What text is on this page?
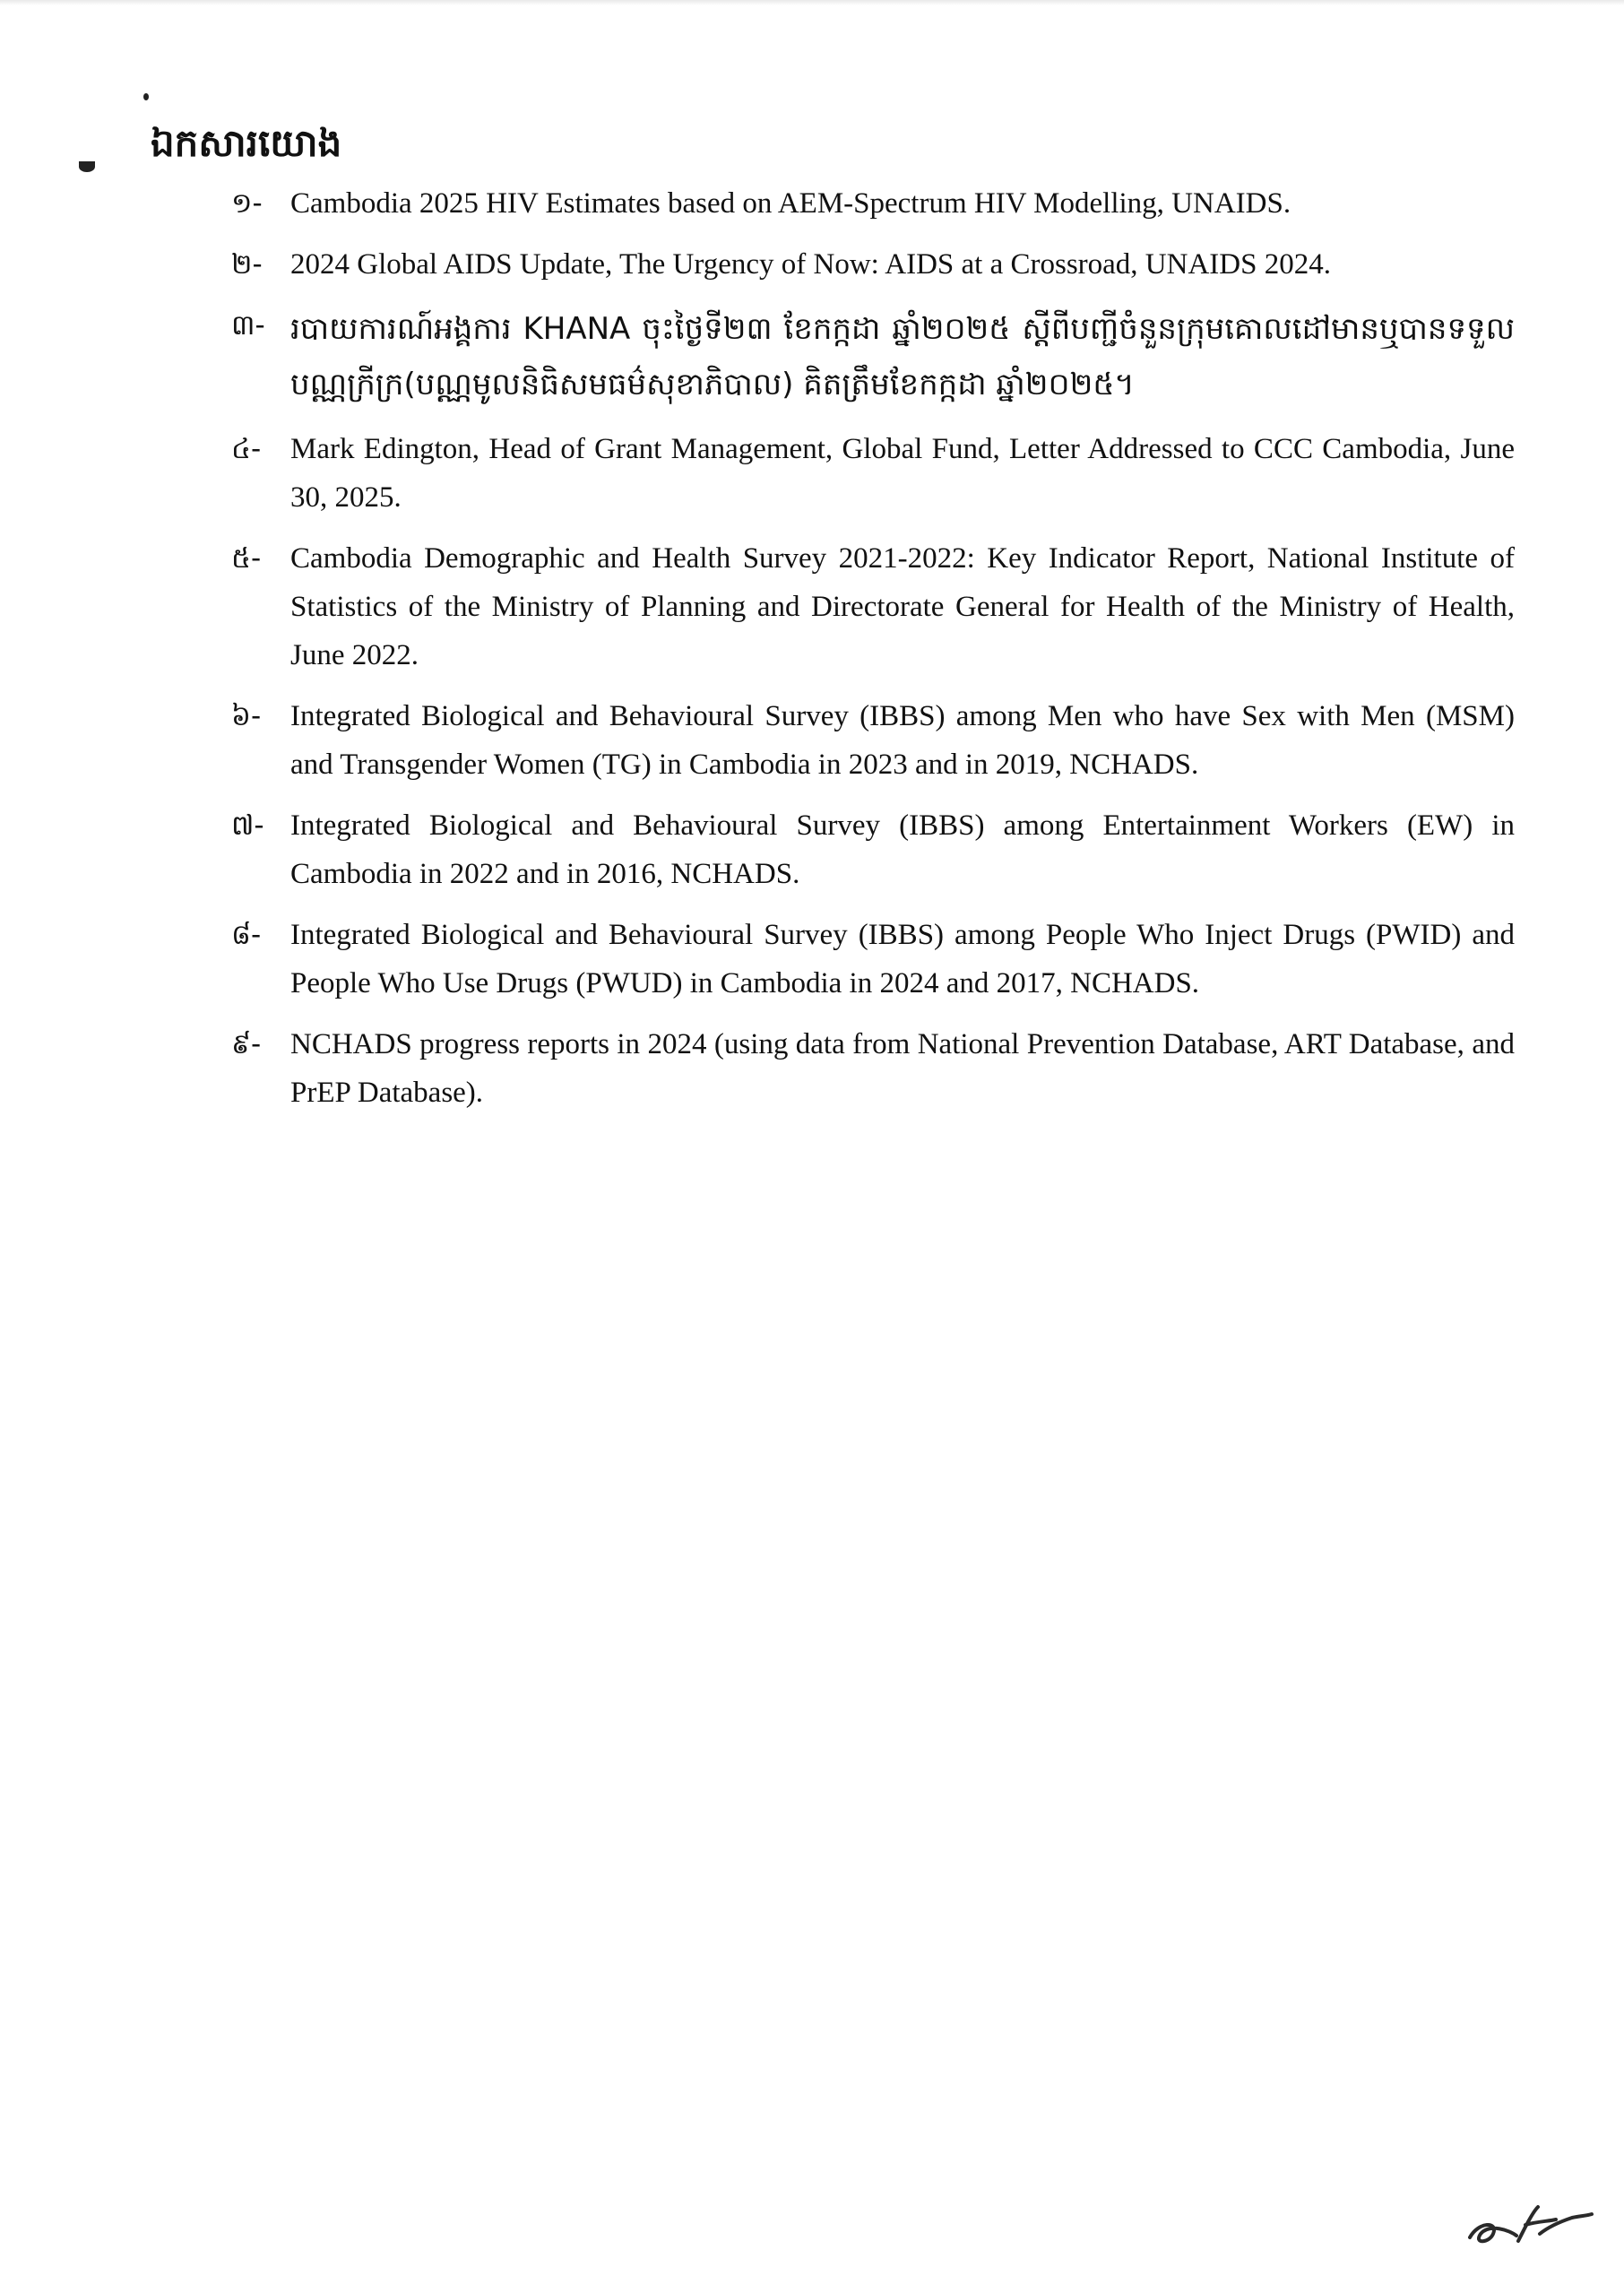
ឯកសារយោង
១- Cambodia 2025 HIV Estimates based on AEM-Spectrum HIV Modelling, UNAIDS.
២- 2024 Global AIDS Update, The Urgency of Now: AIDS at a Crossroad, UNAIDS 2024.
៣- របាយការណ៍អង្គការ KHANA ចុះថ្ងៃទី២៣ ខែកក្កដា ឆ្នាំ២០២៥ ស្តីពីបញ្ជីចំនួនក្រុមគោលដៅមានឬបានទទួលបណ្ណក្រីក្រ(បណ្ណមូលនិធិសមធម៌សុខាភិបាល) គិតត្រឹមខែកក្កដា ឆ្នាំ២០២៥។
៤- Mark Edington, Head of Grant Management, Global Fund, Letter Addressed to CCC Cambodia, June 30, 2025.
៥- Cambodia Demographic and Health Survey 2021-2022: Key Indicator Report, National Institute of Statistics of the Ministry of Planning and Directorate General for Health of the Ministry of Health, June 2022.
៦- Integrated Biological and Behavioural Survey (IBBS) among Men who have Sex with Men (MSM) and Transgender Women (TG) in Cambodia in 2023 and in 2019, NCHADS.
៧- Integrated Biological and Behavioural Survey (IBBS) among Entertainment Workers (EW) in Cambodia in 2022 and in 2016, NCHADS.
៨- Integrated Biological and Behavioural Survey (IBBS) among People Who Inject Drugs (PWID) and People Who Use Drugs (PWUD) in Cambodia in 2024 and 2017, NCHADS.
៩- NCHADS progress reports in 2024 (using data from National Prevention Database, ART Database, and PrEP Database).
